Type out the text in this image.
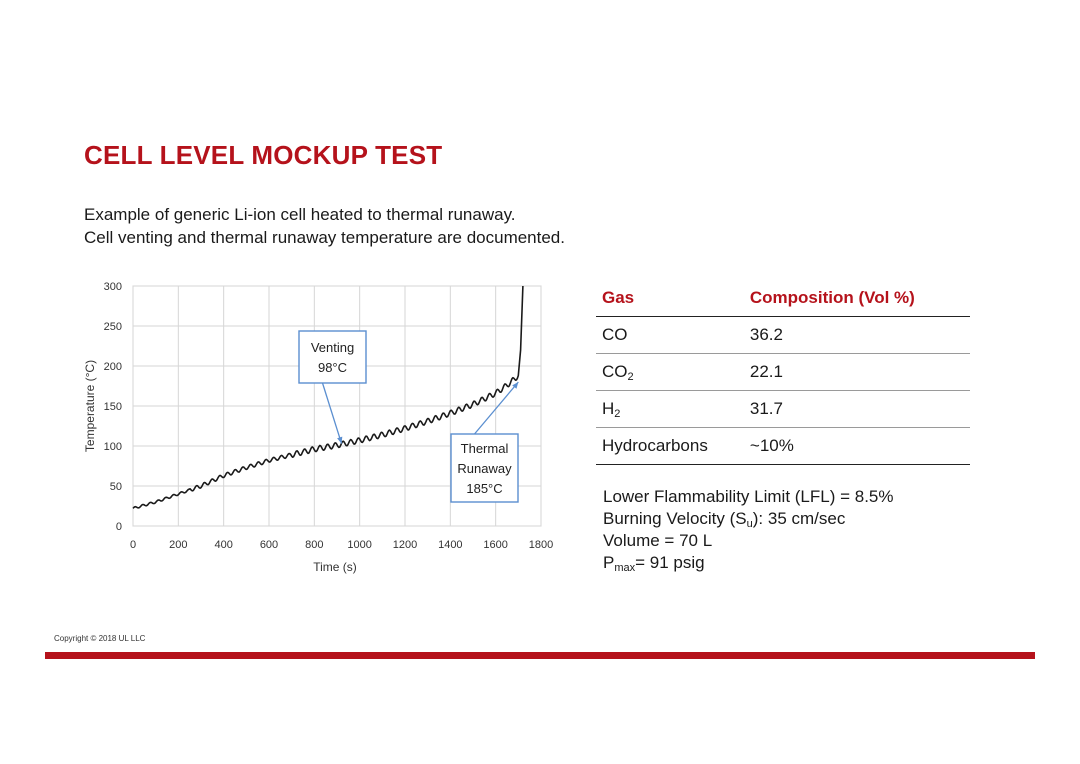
CELL LEVEL MOCKUP TEST
Example of generic Li-ion cell heated to thermal runaway.
Cell venting and thermal runaway temperature are documented.
0	200 400 600 800 1000 1200 1400 1600 1800
0
50
100
150
200
250
300
Time (s)
Temperature (°C)
Venting
98°C
Thermal
Runaway
185°C
Gas	Composition (Vol %)
CO	36.2
$CO_2$	22.1
$H_2$	31.7
Hydrocarbons	~10%
Lower Flammability Limit (LFL) = 8.5%
Burning Velocity $(S_u)$: 35 cm/sec
Volume = 70 L
$P_{max}= 91$ psig
Copyright © 2018 UL LLC
